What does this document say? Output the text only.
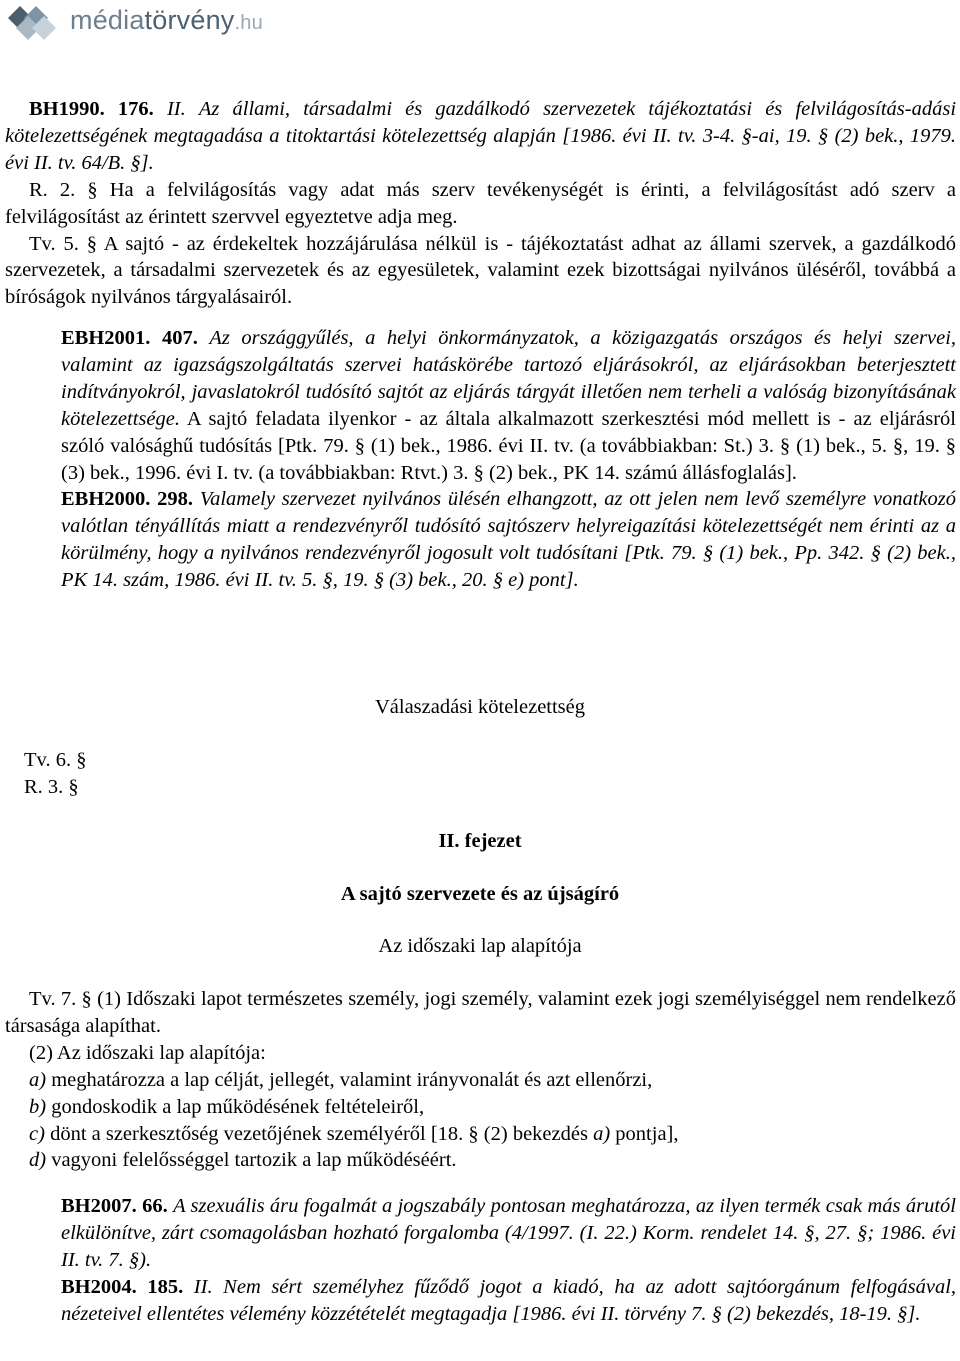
médiatörvény.hu

BH1990. 176. II. Az állami, társadalmi és gazdálkodó szervezetek tájékoztatási és felvilágosítás-adási kötelezettségének megtagadása a titoktartási kötelezettség alapján [1986. évi II. tv. 3-4. §-ai, 19. § (2) bek., 1979. évi II. tv. 64/B. §].

R. 2. § Ha a felvilágosítás vagy adat más szerv tevékenységét is érinti, a felvilágosítást adó szerv a felvilágosítást az érintett szervvel egyeztetve adja meg.

Tv. 5. § A sajtó - az érdekeltek hozzájárulása nélkül is - tájékoztatást adhat az állami szervek, a gazdálkodó szervezetek, a társadalmi szervezetek és az egyesületek, valamint ezek bizottságai nyilvános üléséről, továbbá a bíróságok nyilvános tárgyalásairól.

EBH2001. 407. Az országgyűlés, a helyi önkormányzatok, a közigazgatás országos és helyi szervei, valamint az igazságszolgáltatás szervei hatáskörébe tartozó eljárásokról, az eljárásokban beterjesztett indítványokról, javaslatokról tudósító sajtót az eljárás tárgyát illetően nem terheli a valóság bizonyításának kötelezettsége. A sajtó feladata ilyenkor - az általa alkalmazott szerkesztési mód mellett is - az eljárásról szóló valósághű tudósítás [Ptk. 79. § (1) bek., 1986. évi II. tv. (a továbbiakban: St.) 3. § (1) bek., 5. §, 19. § (3) bek., 1996. évi I. tv. (a továbbiakban: Rtvt.) 3. § (2) bek., PK 14. számú állásfoglalás].

EBH2000. 298. Valamely szervezet nyilvános ülésén elhangzott, az ott jelen nem levő személyre vonatkozó valótlan tényállítás miatt a rendezvényről tudósító sajtószerv helyreigazítási kötelezettségét nem érinti az a körülmény, hogy a nyilvános rendezvényről jogosult volt tudósítani [Ptk. 79. § (1) bek., Pp. 342. § (2) bek., PK 14. szám, 1986. évi II. tv. 5. §, 19. § (3) bek., 20. § e) pont].

Válaszadási kötelezettség
Tv. 6. §
R. 3. §
II. fejezet
A sajtó szervezete és az újságíró
Az időszaki lap alapítója

Tv. 7. § (1) Időszaki lapot természetes személy, jogi személy, valamint ezek jogi személyiséggel nem rendelkező társasága alapíthat.

(2) Az időszaki lap alapítója:

a) meghatározza a lap célját, jellegét, valamint irányvonalát és azt ellenőrzi,

b) gondoskodik a lap működésének feltételeiről,

c) dönt a szerkesztőség vezetőjének személyéről [18. § (2) bekezdés a) pontja],

d) vagyoni felelősséggel tartozik a lap működéséért.

BH2007. 66. A szexuális áru fogalmát a jogszabály pontosan meghatározza, az ilyen termék csak más árutól elkülönítve, zárt csomagolásban hozható forgalomba (4/1997. (I. 22.) Korm. rendelet 14. §, 27. §; 1986. évi II. tv. 7. §).

BH2004. 185. II. Nem sért személyhez fűződő jogot a kiadó, ha az adott sajtóorgánum felfogásával, nézeteivel ellentétes vélemény közzétételét megtagadja [1986. évi II. törvény 7. § (2) bekezdés, 18-19. §].
